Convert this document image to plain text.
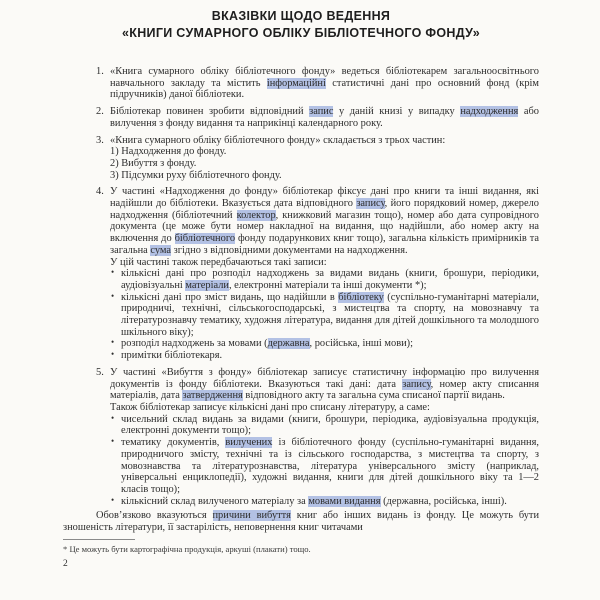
ВКАЗІВКИ ЩОДО ВЕДЕННЯ
«КНИГИ СУМАРНОГО ОБЛІКУ БІБЛІОТЕЧНОГО ФОНДУ»
1. «Книга сумарного обліку бібліотечного фонду» ведеться бібліотекарем загальноосвітнього навчального закладу та містить інформаційні статистичні дані про основний фонд (крім підручників) даної бібліотеки.
2. Бібліотекар повинен зробити відповідний запис у даній книзі у випадку надходження або вилучення з фонду видання та наприкінці календарного року.
3. «Книга сумарного обліку бібліотечного фонду» складається з трьох частин:
1) Надходження до фонду.
2) Вибуття з фонду.
3) Підсумки руху бібліотечного фонду.
4. У частині «Надходження до фонду» бібліотекар фіксує дані про книги та інші видання, які надійшли до бібліотеки. Вказується дата відповідного запису, його порядковий номер, джерело надходження (бібліотечний колектор, книжковий магазин тощо), номер або дата супровідного документа (це може бути номер накладної на видання, що надійшли, або номер акту на включення до бібліотечного фонду подарункових книг тощо), загальна кількість примірників та загальна сума згідно з відповідними документами на надходження.
У цій частині також передбачаються такі записи:
• кількісні дані про розподіл надходжень за видами видань (книги, брошури, періодики, аудіовізуальні матеріали, електронні матеріали та інші документи *);
• кількісні дані про зміст видань, що надійшли в бібліотеку (суспільно-гуманітарні матеріали, природничі, технічні, сільськогосподарські, з мистецтва та спорту, на мовознавчу та літературознавчу тематику, художня література, видання для дітей дошкільного та молодшого шкільного віку);
• розподіл надходжень за мовами (державна, російська, інші мови);
• примітки бібліотекаря.
5. У частині «Вибуття з фонду» бібліотекар записує статистичну інформацію про вилучення документів із фонду бібліотеки. Вказуються такі дані: дата запису, номер акту списання матеріалів, дата затвердження відповідного акту та загальна сума списаної партії видань.
Також бібліотекар записує кількісні дані про списану літературу, а саме:
• чисельний склад видань за видами (книги, брошури, періодика, аудіовізуальна продукція, електронні документи тощо);
• тематику документів, вилучених із бібліотечного фонду (суспільно-гуманітарні видання, природничого змісту, технічні та із сільського господарства, з мистецтва та спорту, з мовознавства та літературознавства, література універсального змісту (наприклад, універсальні енциклопедії), художні видання, книги для дітей дошкільного віку та 1—2 класів тощо);
• кількісний склад вилученого матеріалу за мовами видання (державна, російська, інші).
Обов’язково вказуються причини вибуття книг або інших видань із фонду. Це можуть бути зношеність літератури, її застарілість, неповернення книг читачами
* Це можуть бути картографічна продукція, аркуші (плакати) тощо.
2
